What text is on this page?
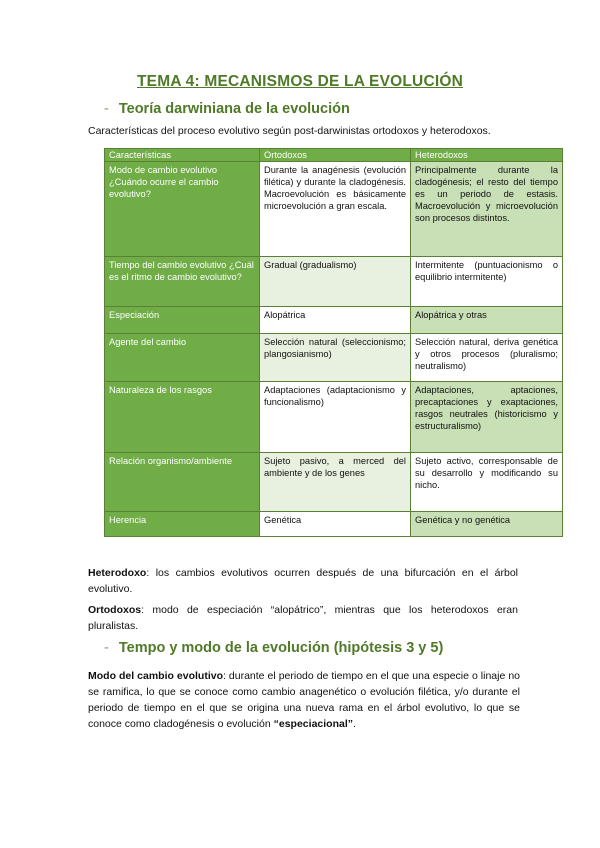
TEMA 4: MECANISMOS DE LA EVOLUCIÓN
- Teoría darwiniana de la evolución
Características del proceso evolutivo según post-darwinistas ortodoxos y heterodoxos.
Características	Ortodoxos	Heterodoxos
Modo de cambio evolutivo ¿Cuándo ocurre el cambio evolutivo?	Durante la anagénesis (evolución filética) y durante la cladogénesis. Macroevolución es básicamente microevolución a gran escala.	Principalmente durante la cladogénesis; el resto del tiempo es un periodo de estasis. Macroevolución y microevolución son procesos distintos.
Tiempo del cambio evolutivo ¿Cuál es el ritmo de cambio evolutivo?	Gradual (gradualismo)	Intermitente (puntuacionismo o equilibrio intermitente)
Especiación	Alopátrica	Alopátrica y otras
Agente del cambio	Selección natural (seleccionismo; plangosianismo)	Selección natural, deriva genética y otros procesos (pluralismo; neutralismo)
Naturaleza de los rasgos	Adaptaciones (adaptacionismo y funcionalismo)	Adaptaciones, aptaciones, precaptaciones y exaptaciones, rasgos neutrales (historicismo y estructuralismo)
Relación organismo/ambiente	Sujeto pasivo, a merced del ambiente y de los genes	Sujeto activo, corresponsable de su desarrollo y modificando su nicho.
Herencia	Genética	Genética y no genética
Heterodoxo: los cambios evolutivos ocurren después de una bifurcación en el árbol evolutivo.
Ortodoxos: modo de especiación “alopátrico”, mientras que los heterodoxos eran pluralistas.
- Tempo y modo de la evolución (hipótesis 3 y 5)
Modo del cambio evolutivo: durante el periodo de tiempo en el que una especie o linaje no se ramifica, lo que se conoce como cambio anagenético o evolución filética, y/o durante el periodo de tiempo en el que se origina una nueva rama en el árbol evolutivo, lo que se conoce como cladogénesis o evolución “especiacional”.
